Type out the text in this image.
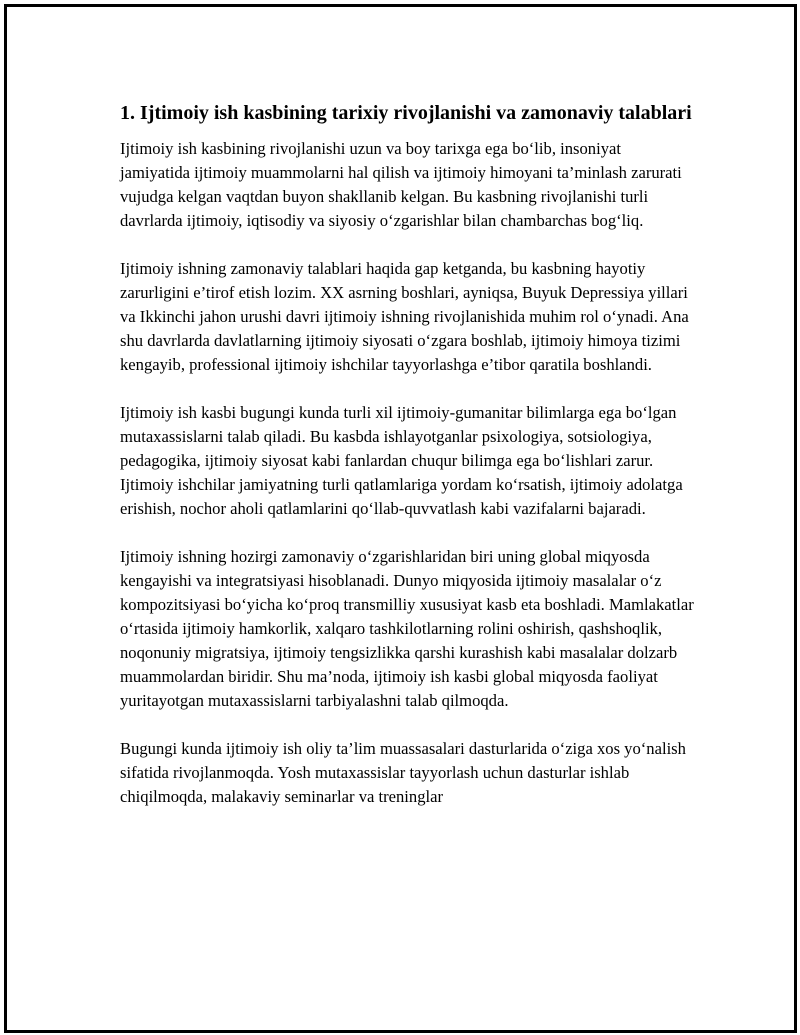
1. Ijtimoiy ish kasbining tarixiy rivojlanishi va zamonaviy talablari

Ijtimoiy ish kasbining rivojlanishi uzun va boy tarixga ega bo‘lib, insoniyat jamiyatida ijtimoiy muammolarni hal qilish va ijtimoiy himoyani ta’minlash zarurati vujudga kelgan vaqtdan buyon shakllanib kelgan. Bu kasbning rivojlanishi turli davrlarda ijtimoiy, iqtisodiy va siyosiy o‘zgarishlar bilan chambarchas bog‘liq.

Ijtimoiy ishning zamonaviy talablari haqida gap ketganda, bu kasbning hayotiy zarurligini e’tirof etish lozim. XX asrning boshlari, ayniqsa, Buyuk Depressiya yillari va Ikkinchi jahon urushi davri ijtimoiy ishning rivojlanishida muhim rol o‘ynadi. Ana shu davrlarda davlatlarning ijtimoiy siyosati o‘zgara boshlab, ijtimoiy himoya tizimi kengayib, professional ijtimoiy ishchilar tayyorlashga e’tibor qaratila boshlandi.

Ijtimoiy ish kasbi bugungi kunda turli xil ijtimoiy-gumanitar bilimlarga ega bo‘lgan mutaxassislarni talab qiladi. Bu kasbda ishlayotganlar psixologiya, sotsiologiya, pedagogika, ijtimoiy siyosat kabi fanlardan chuqur bilimga ega bo‘lishlari zarur. Ijtimoiy ishchilar jamiyatning turli qatlamlariga yordam ko‘rsatish, ijtimoiy adolatga erishish, nochor aholi qatlamlarini qo‘llab-quvvatlash kabi vazifalarni bajaradi.

Ijtimoiy ishning hozirgi zamonaviy o‘zgarishlaridan biri uning global miqyosda kengayishi va integratsiyasi hisoblanadi. Dunyo miqyosida ijtimoiy masalalar o‘z kompozitsiyasi bo‘yicha ko‘proq transmilliy xususiyat kasb eta boshladi. Mamlakatlar o‘rtasida ijtimoiy hamkorlik, xalqaro tashkilotlarning rolini oshirish, qashshoqlik, noqonuniy migratsiya, ijtimoiy tengsizlikka qarshi kurashish kabi masalalar dolzarb muammolardan biridir. Shu ma’noda, ijtimoiy ish kasbi global miqyosda faoliyat yuritayotgan mutaxassislarni tarbiyalashni talab qilmoqda.

Bugungi kunda ijtimoiy ish oliy ta’lim muassasalari dasturlarida o‘ziga xos yo‘nalish sifatida rivojlanmoqda. Yosh mutaxassislar tayyorlash uchun dasturlar ishlab chiqilmoqda, malakaviy seminarlar va treninglar
